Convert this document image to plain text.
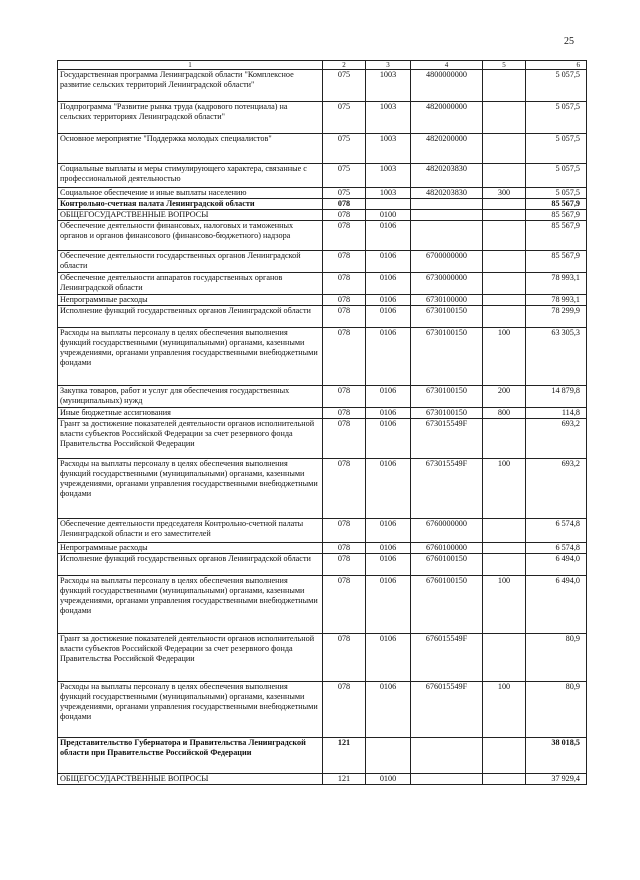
25
1	2	3	4	5	6
Государственная программа Ленинградской области "Комплексное развитие сельских территорий Ленинградской области"	075	1003	4800000000		5 057,5
Подпрограмма "Развитие рынка труда (кадрового потенциала) на сельских территориях Ленинградской области"	075	1003	4820000000		5 057,5
Основное мероприятие "Поддержка молодых специалистов"	075	1003	4820200000		5 057,5
Социальные выплаты и меры стимулирующего характера, связанные с профессиональной деятельностью	075	1003	4820203830		5 057,5
Социальное обеспечение и иные выплаты населению	075	1003	4820203830	300	5 057,5
Контрольно-счетная палата Ленинградской области	078				85 567,9
ОБЩЕГОСУДАРСТВЕННЫЕ ВОПРОСЫ	078	0100			85 567,9
Обеспечение деятельности финансовых, налоговых и таможенных органов и органов финансового (финансово-бюджетного) надзора	078	0106			85 567,9
Обеспечение деятельности государственных органов Ленинградской области	078	0106	6700000000		85 567,9
Обеспечение деятельности аппаратов государственных органов Ленинградской области	078	0106	6730000000		78 993,1
Непрограммные расходы	078	0106	6730100000		78 993,1
Исполнение функций государственных органов Ленинградской области	078	0106	6730100150		78 299,9
Расходы на выплаты персоналу в целях обеспечения выполнения функций государственными (муниципальными) органами, казенными учреждениями, органами управления государственными внебюджетными фондами	078	0106	6730100150	100	63 305,3
Закупка товаров, работ и услуг для обеспечения государственных (муниципальных) нужд	078	0106	6730100150	200	14 879,8
Иные бюджетные ассигнования	078	0106	6730100150	800	114,8
Грант за достижение показателей деятельности органов исполнительной власти субъектов Российской Федерации за счет резервного фонда Правительства Российской Федерации	078	0106	673015549F		693,2
Расходы на выплаты персоналу в целях обеспечения выполнения функций государственными (муниципальными) органами, казенными учреждениями, органами управления государственными внебюджетными фондами	078	0106	673015549F	100	693,2
Обеспечение деятельности председателя Контрольно-счетной палаты Ленинградской области и его заместителей	078	0106	6760000000		6 574,8
Непрограммные расходы	078	0106	6760100000		6 574,8
Исполнение функций государственных органов Ленинградской области	078	0106	6760100150		6 494,0
Расходы на выплаты персоналу в целях обеспечения выполнения функций государственными (муниципальными) органами, казенными учреждениями, органами управления государственными внебюджетными фондами	078	0106	6760100150	100	6 494,0
Грант за достижение показателей деятельности органов исполнительной власти субъектов Российской Федерации за счет резервного фонда Правительства Российской Федерации	078	0106	676015549F		80,9
Расходы на выплаты персоналу в целях обеспечения выполнения функций государственными (муниципальными) органами, казенными учреждениями, органами управления государственными внебюджетными фондами	078	0106	676015549F	100	80,9
Представительство Губернатора и Правительства Ленинградской области при Правительстве Российской Федерации	121				38 018,5
ОБЩЕГОСУДАРСТВЕННЫЕ ВОПРОСЫ	121	0100			37 929,4
